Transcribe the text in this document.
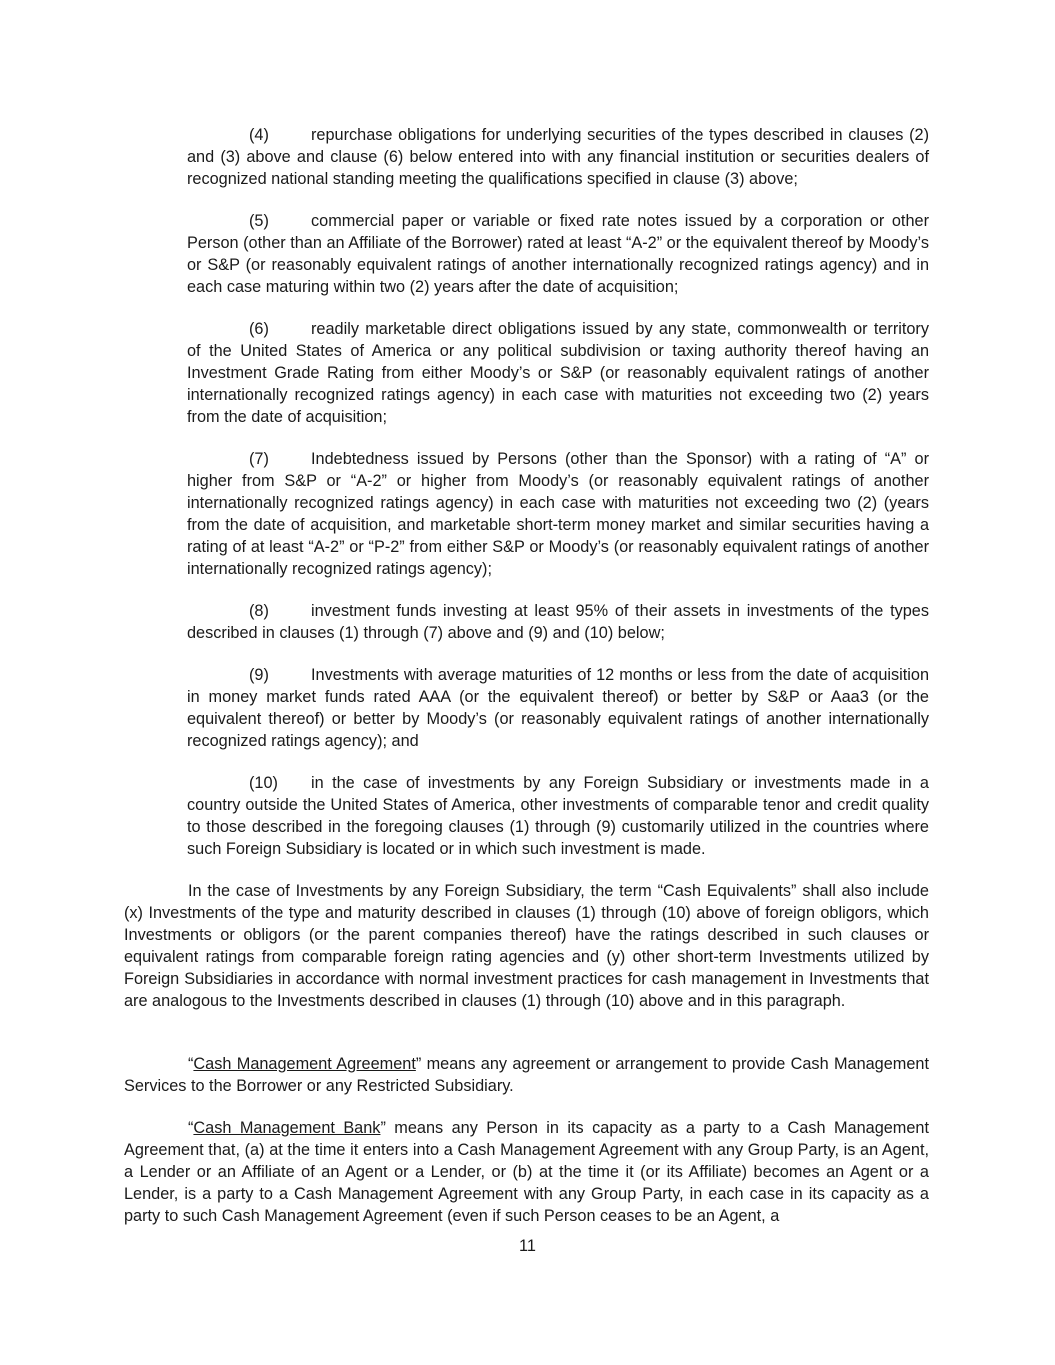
(4)	repurchase obligations for underlying securities of the types described in clauses (2) and (3) above and clause (6) below entered into with any financial institution or securities dealers of recognized national standing meeting the qualifications specified in clause (3) above;

(5)	commercial paper or variable or fixed rate notes issued by a corporation or other Person (other than an Affiliate of the Borrower) rated at least “A-2” or the equivalent thereof by Moody’s or S&P (or reasonably equivalent ratings of another internationally recognized ratings agency) and in each case maturing within two (2) years after the date of acquisition;

(6)	readily marketable direct obligations issued by any state, commonwealth or territory of the United States of America or any political subdivision or taxing authority thereof having an Investment Grade Rating from either Moody’s or S&P (or reasonably equivalent ratings of another internationally recognized ratings agency) in each case with maturities not exceeding two (2) years from the date of acquisition;

(7)	Indebtedness issued by Persons (other than the Sponsor) with a rating of “A” or higher from S&P or “A-2” or higher from Moody’s (or reasonably equivalent ratings of another internationally recognized ratings agency) in each case with maturities not exceeding two (2) (years from the date of acquisition, and marketable short-term money market and similar securities having a rating of at least “A-2” or “P-2” from either S&P or Moody’s (or reasonably equivalent ratings of another internationally recognized ratings agency);

(8)	investment funds investing at least 95% of their assets in investments of the types described in clauses (1) through (7) above and (9) and (10) below;

(9)	Investments with average maturities of 12 months or less from the date of acquisition in money market funds rated AAA (or the equivalent thereof) or better by S&P or Aaa3 (or the equivalent thereof) or better by Moody’s (or reasonably equivalent ratings of another internationally recognized ratings agency); and

(10) in the case of investments by any Foreign Subsidiary or investments made in a country outside the United States of America, other investments of comparable tenor and credit quality to those described in the foregoing clauses (1) through (9) customarily utilized in the countries where such Foreign Subsidiary is located or in which such investment is made.

In the case of Investments by any Foreign Subsidiary, the term “Cash Equivalents” shall also include (x) Investments of the type and maturity described in clauses (1) through (10) above of foreign obligors, which Investments or obligors (or the parent companies thereof) have the ratings described in such clauses or equivalent ratings from comparable foreign rating agencies and (y) other short-term Investments utilized by Foreign Subsidiaries in accordance with normal investment practices for cash management in Investments that are analogous to the Investments described in clauses (1) through (10) above and in this paragraph.

“Cash Management Agreement” means any agreement or arrangement to provide Cash Management Services to the Borrower or any Restricted Subsidiary.

“Cash Management Bank” means any Person in its capacity as a party to a Cash Management Agreement that, (a) at the time it enters into a Cash Management Agreement with any Group Party, is an Agent, a Lender or an Affiliate of an Agent or a Lender, or (b) at the time it (or its Affiliate) becomes an Agent or a Lender, is a party to a Cash Management Agreement with any Group Party, in each case in its capacity as a party to such Cash Management Agreement (even if such Person ceases to be an Agent, a

11
